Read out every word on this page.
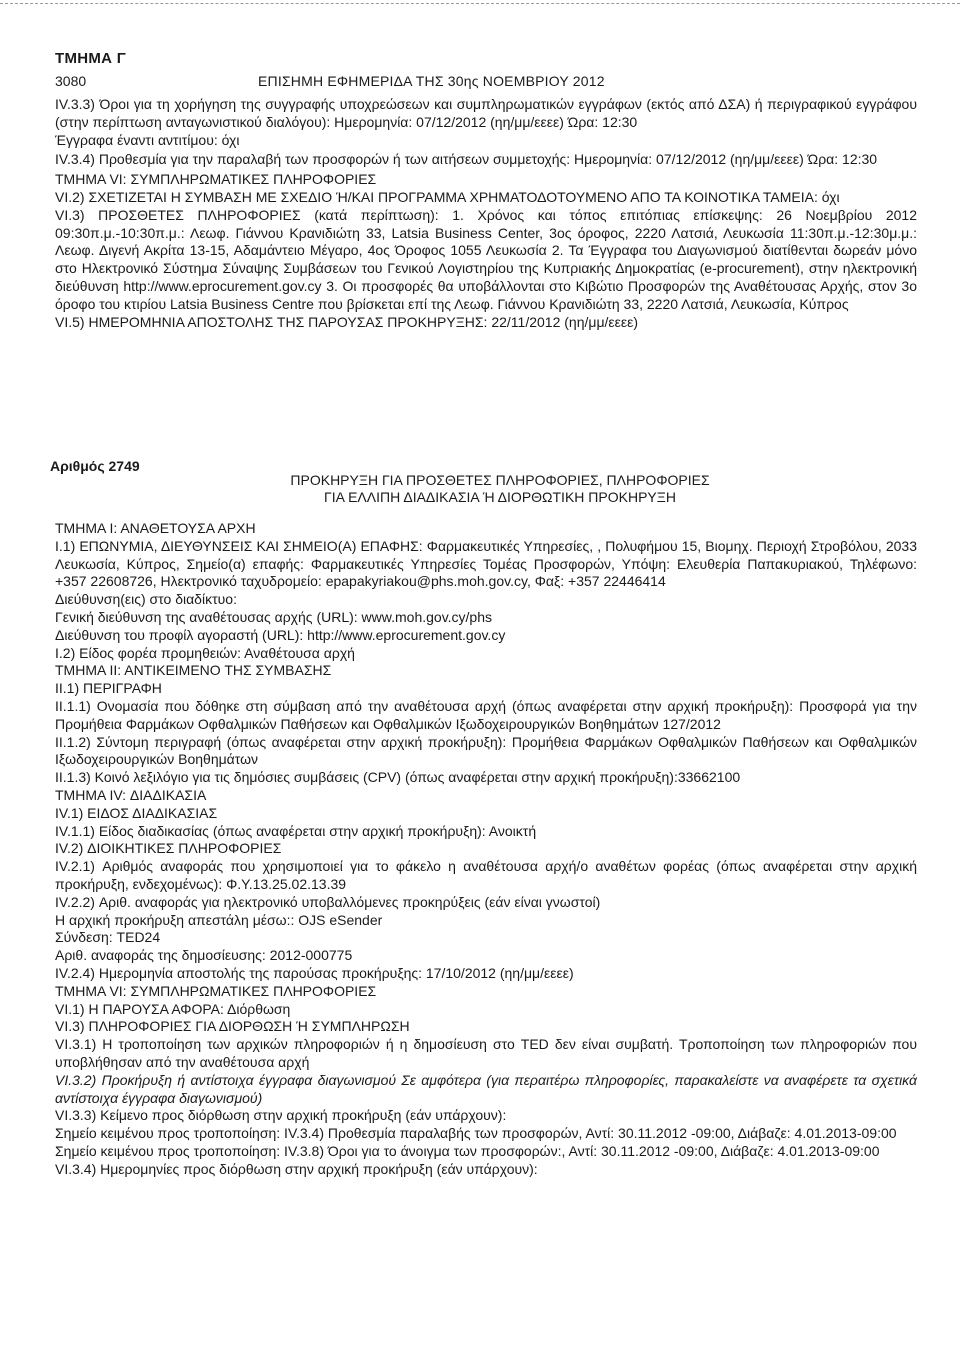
ΤΜΗΜΑ Γ
3080	ΕΠΙΣΗΜΗ ΕΦΗΜΕΡΙΔΑ ΤΗΣ 30ης ΝΟΕΜΒΡΙΟΥ 2012

IV.3.3) Όροι για τη χορήγηση της συγγραφής υποχρεώσεων και συμπληρωματικών εγγράφων (εκτός από ΔΣΑ) ή περιγραφικού εγγράφου (στην περίπτωση ανταγωνιστικού διαλόγου): Ημερομηνία: 07/12/2012 (ηη/μμ/εεεε) Ώρα: 12:30

Έγγραφα έναντι αντιτίμου: όχι

IV.3.4) Προθεσμία για την παραλαβή των προσφορών ή των αιτήσεων συμμετοχής: Ημερομηνία: 07/12/2012 (ηη/μμ/εεεε) Ώρα: 12:30

ΤΜΗΜΑ VI: ΣΥΜΠΛΗΡΩΜΑΤΙΚΕΣ ΠΛΗΡΟΦΟΡΙΕΣ

VI.2) ΣΧΕΤΙΖΕΤΑΙ Η ΣΥΜΒΑΣΗ ΜΕ ΣΧΕΔΙΟ Ή/ΚΑΙ ΠΡΟΓΡΑΜΜΑ ΧΡΗΜΑΤΟΔΟΤΟΥΜΕΝΟ ΑΠΟ ΤΑ ΚΟΙΝΟΤΙΚΑ ΤΑΜΕΙΑ: όχι

VI.3) ΠΡΟΣΘΕΤΕΣ ΠΛΗΡΟΦΟΡΙΕΣ (κατά περίπτωση): 1. Χρόνος και τόπος επιτόπιας επίσκεψης: 26 Νοεμβρίου 2012 09:30π.μ.-10:30π.μ.: Λεωφ. Γιάννου Κρανιδιώτη 33, Latsia Business Center, 3ος όροφος, 2220 Λατσιά, Λευκωσία 11:30π.μ.-12:30μ.μ.: Λεωφ. Διγενή Ακρίτα 13-15, Αδαμάντειο Μέγαρο, 4ος Όροφος 1055 Λευκωσία 2. Τα Έγγραφα του Διαγωνισμού διατίθενται δωρεάν μόνο στο Ηλεκτρονικό Σύστημα Σύναψης Συμβάσεων του Γενικού Λογιστηρίου της Κυπριακής Δημοκρατίας (e-procurement), στην ηλεκτρονική διεύθυνση http://www.eprocurement.gov.cy 3. Οι προσφορές θα υποβάλλονται στο Κιβώτιο Προσφορών της Αναθέτουσας Αρχής, στον 3ο όροφο του κτιρίου Latsia Business Centre που βρίσκεται επί της Λεωφ. Γιάννου Κρανιδιώτη 33, 2220 Λατσιά, Λευκωσία, Κύπρος

VI.5) ΗΜΕΡΟΜΗΝΙΑ ΑΠΟΣΤΟΛΗΣ ΤΗΣ ΠΑΡΟΥΣΑΣ ΠΡΟΚΗΡΥΞΗΣ: 22/11/2012 (ηη/μμ/εεεε)

Αριθμός 2749
ΠΡΟΚΗΡΥΞΗ ΓΙΑ ΠΡΟΣΘΕΤΕΣ ΠΛΗΡΟΦΟΡΙΕΣ, ΠΛΗΡΟΦΟΡΙΕΣ
ΓΙΑ ΕΛΛΙΠΗ ΔΙΑΔΙΚΑΣΙΑ Ή ΔΙΟΡΘΩΤΙΚΗ ΠΡΟΚΗΡΥΞΗ

ΤΜΗΜΑ Ι: ΑΝΑΘΕΤΟΥΣΑ ΑΡΧΗ

I.1) ΕΠΩΝΥΜΙΑ, ΔΙΕΥΘΥΝΣΕΙΣ ΚΑΙ ΣΗΜΕΙΟ(Α) ΕΠΑΦΗΣ: Φαρμακευτικές Υπηρεσίες, , Πολυφήμου 15, Βιομηχ. Περιοχή Στροβόλου, 2033 Λευκωσία, Κύπρος, Σημείο(α) επαφής: Φαρμακευτικές Υπηρεσίες Τομέας Προσφορών, Υπόψη: Ελευθερία Παπακυριακού, Τηλέφωνο: +357 22608726, Ηλεκτρονικό ταχυδρομείο: epapakyriakou@phs.moh.gov.cy, Φαξ: +357 22446414

Διεύθυνση(εις) στο διαδίκτυο:

Γενική διεύθυνση της αναθέτουσας αρχής (URL): www.moh.gov.cy/phs

Διεύθυνση του προφίλ αγοραστή (URL): http://www.eprocurement.gov.cy

I.2) Είδος φορέα προμηθειών: Αναθέτουσα αρχή

ΤΜΗΜΑ ΙΙ: ΑΝΤΙΚΕΙΜΕΝΟ ΤΗΣ ΣΥΜΒΑΣΗΣ

II.1) ΠΕΡΙΓΡΑΦΗ

II.1.1) Ονομασία που δόθηκε στη σύμβαση από την αναθέτουσα αρχή (όπως αναφέρεται στην αρχική προκήρυξη): Προσφορά για την Προμήθεια Φαρμάκων Οφθαλμικών Παθήσεων και Οφθαλμικών Ιξωδοχειρουργικών Βοηθημάτων 127/2012

II.1.2) Σύντομη περιγραφή (όπως αναφέρεται στην αρχική προκήρυξη): Προμήθεια Φαρμάκων Οφθαλμικών Παθήσεων και Οφθαλμικών Ιξωδοχειρουργικών Βοηθημάτων

II.1.3) Κοινό λεξιλόγιο για τις δημόσιες συμβάσεις (CPV) (όπως αναφέρεται στην αρχική προκήρυξη):33662100

ΤΜΗΜΑ IV: ΔΙΑΔΙΚΑΣΙΑ

IV.1) ΕΙΔΟΣ ΔΙΑΔΙΚΑΣΙΑΣ

IV.1.1) Είδος διαδικασίας (όπως αναφέρεται στην αρχική προκήρυξη): Ανοικτή

IV.2) ΔΙΟΙΚΗΤΙΚΕΣ ΠΛΗΡΟΦΟΡΙΕΣ

IV.2.1) Αριθμός αναφοράς που χρησιμοποιεί για το φάκελο η αναθέτουσα αρχή/ο αναθέτων φορέας (όπως αναφέρεται στην αρχική προκήρυξη, ενδεχομένως): Φ.Υ.13.25.02.13.39

IV.2.2) Αριθ. αναφοράς για ηλεκτρονικό υποβαλλόμενες προκηρύξεις (εάν είναι γνωστοί)

Η αρχική προκήρυξη απεστάλη μέσω:: OJS eSender

Σύνδεση: TED24

Αριθ. αναφοράς της δημοσίευσης: 2012-000775

IV.2.4) Ημερομηνία αποστολής της παρούσας προκήρυξης: 17/10/2012 (ηη/μμ/εεεε)

ΤΜΗΜΑ VI: ΣΥΜΠΛΗΡΩΜΑΤΙΚΕΣ ΠΛΗΡΟΦΟΡΙΕΣ

VI.1) Η ΠΑΡΟΥΣΑ ΑΦΟΡΑ: Διόρθωση

VI.3) ΠΛΗΡΟΦΟΡΙΕΣ ΓΙΑ ΔΙΟΡΘΩΣΗ Ή ΣΥΜΠΛΗΡΩΣΗ

VI.3.1) Η τροποποίηση των αρχικών πληροφοριών ή η δημοσίευση στο TED δεν είναι συμβατή. Τροποποίηση των πληροφοριών που υποβλήθησαν από την αναθέτουσα αρχή

VI.3.2) Προκήρυξη ή αντίστοιχα έγγραφα διαγωνισμού Σε αμφότερα (για περαιτέρω πληροφορίες, παρακαλείστε να αναφέρετε τα σχετικά αντίστοιχα έγγραφα διαγωνισμού)

VI.3.3) Κείμενο προς διόρθωση στην αρχική προκήρυξη (εάν υπάρχουν):

Σημείο κειμένου προς τροποποίηση: IV.3.4) Προθεσμία παραλαβής των προσφορών, Αντί: 30.11.2012 -09:00, Διάβαζε: 4.01.2013-09:00

Σημείο κειμένου προς τροποποίηση: IV.3.8) Όροι για το άνοιγμα των προσφορών:, Αντί: 30.11.2012 -09:00, Διάβαζε: 4.01.2013-09:00

VI.3.4) Ημερομηνίες προς διόρθωση στην αρχική προκήρυξη (εάν υπάρχουν):
